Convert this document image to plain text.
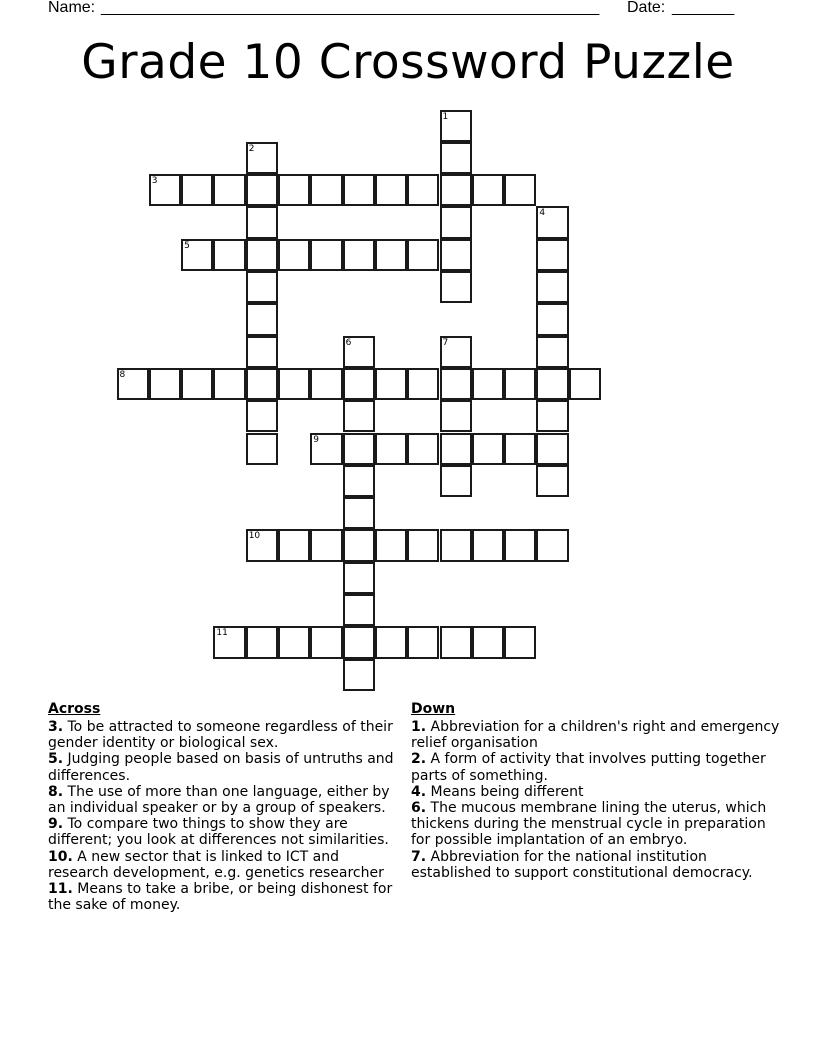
Name: ________________________________________________________ Date: _______
Grade 10 Crossword Puzzle
1
2
3
4
5
6	7
8
9
10
11
Across
3. To be attracted to someone regardless of their gender identity or biological sex.
5. Judging people based on basis of untruths and differences.
8. The use of more than one language, either by an individual speaker or by a group of speakers.
9. To compare two things to show they are different; you look at differences not similarities.
10. A new sector that is linked to ICT and research development, e.g. genetics researcher
11. Means to take a bribe, or being dishonest for the sake of money.
Down
1. Abbreviation for a children's right and emergency relief organisation
2. A form of activity that involves putting together parts of something.
4. Means being different
6. The mucous membrane lining the uterus, which thickens during the menstrual cycle in preparation for possible implantation of an embryo.
7. Abbreviation for the national institution established to support constitutional democracy.
